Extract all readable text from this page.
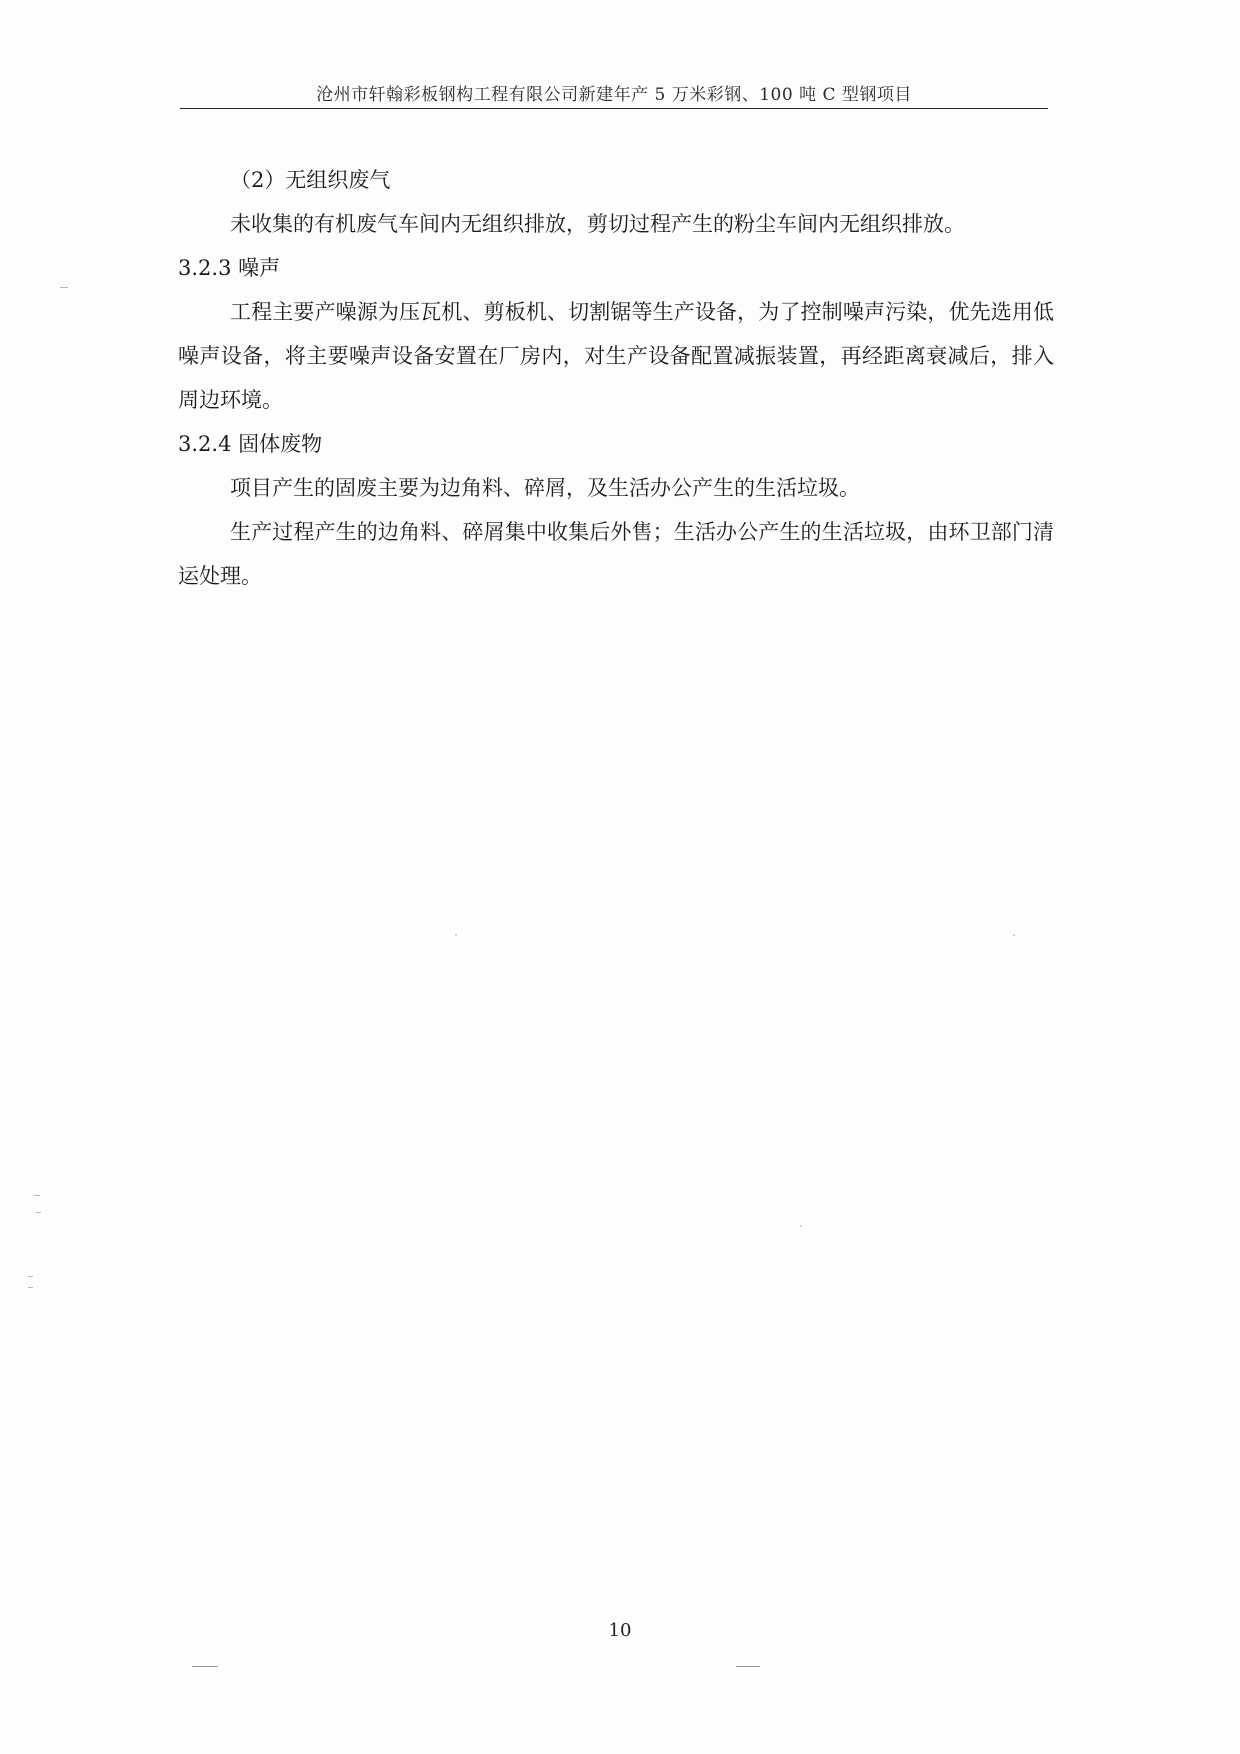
沧州市轩翰彩板钢构工程有限公司新建年产 5 万米彩钢、100 吨 C 型钢项目

（2）无组织废气

未收集的有机废气车间内无组织排放，剪切过程产生的粉尘车间内无组织排放。

3.2.3 噪声

工程主要产噪源为压瓦机、剪板机、切割锯等生产设备，为了控制噪声污染，优先选用低噪声设备，将主要噪声设备安置在厂房内，对生产设备配置减振装置，再经距离衰减后，排入周边环境。

3.2.4 固体废物

项目产生的固废主要为边角料、碎屑，及生活办公产生的生活垃圾。

生产过程产生的边角料、碎屑集中收集后外售；生活办公产生的生活垃圾，由环卫部门清运处理。

10
